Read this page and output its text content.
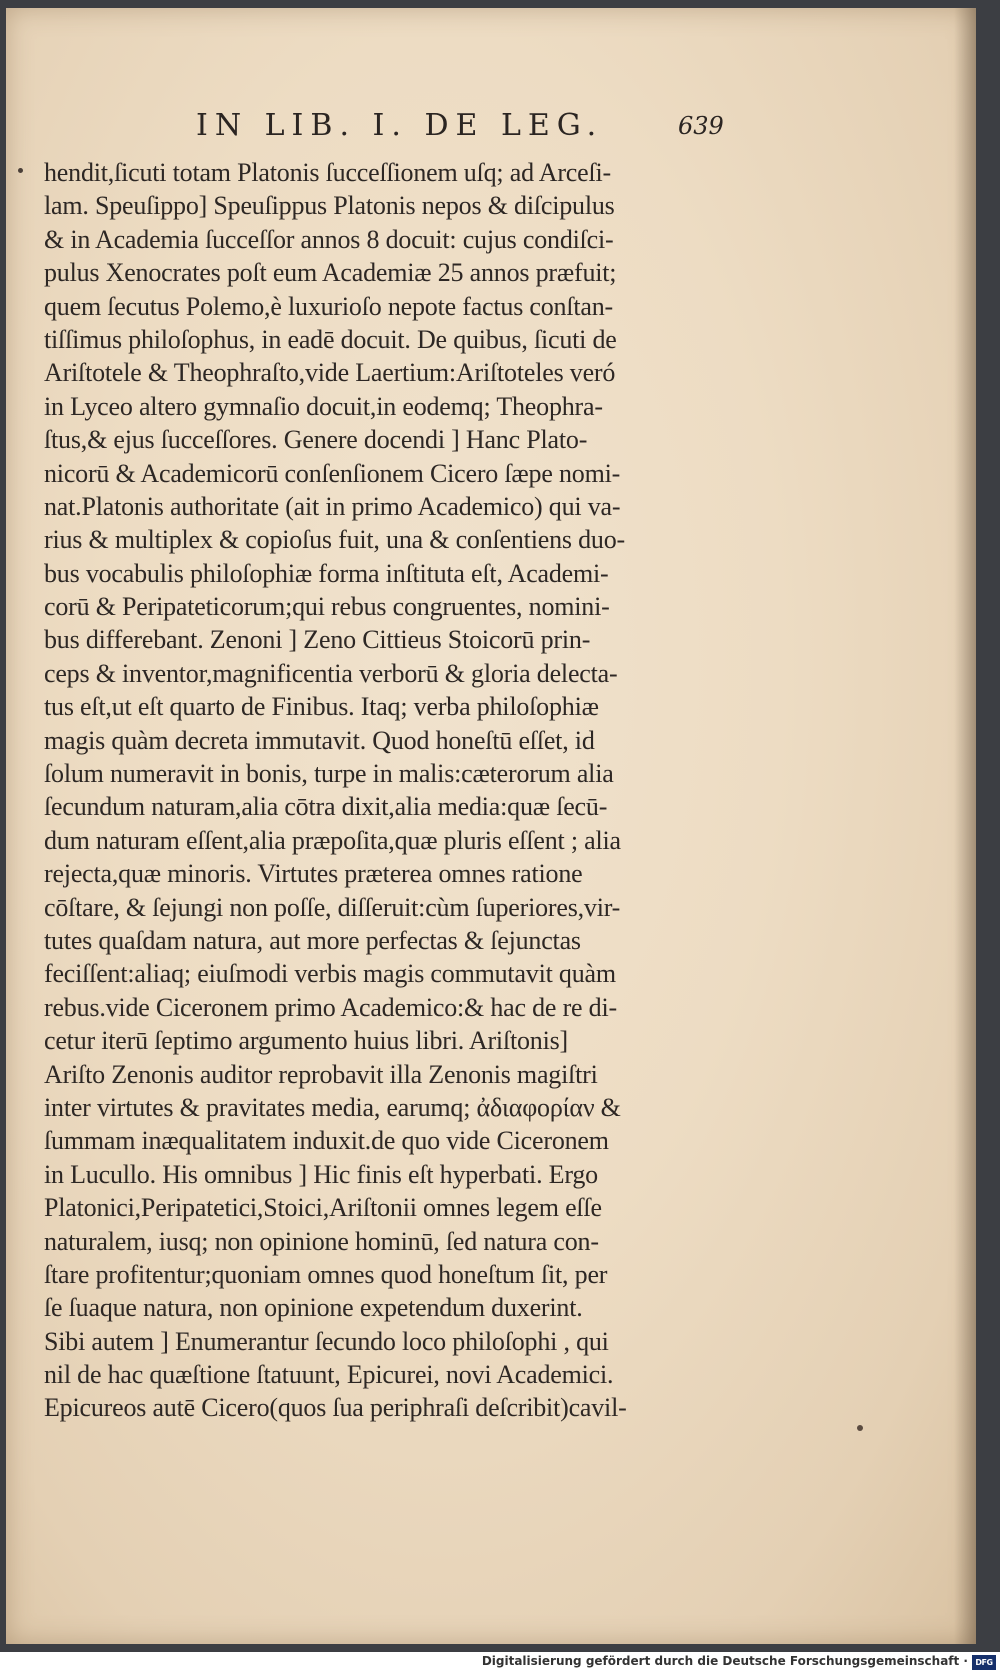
IN LIB. I. DE LEG.	639
hendit,ſicuti totam Platonis ſucceſſionem uſq; ad Arceſi-
lam. Speuſippo] Speuſippus Platonis nepos & diſcipulus
& in Academia ſucceſſor annos 8 docuit: cujus condiſci-
pulus Xenocrates poſt eum Academiæ 25 annos præfuit;
quem ſecutus Polemo,è luxurioſo nepote factus conſtan-
tiſſimus philoſophus, in eadē docuit. De quibus, ſicuti de
Ariſtotele & Theophraſto,vide Laertium:Ariſtoteles veró
in Lyceo altero gymnaſio docuit,in eodemq; Theophra-
ſtus,& ejus ſucceſſores. Genere docendi ] Hanc Plato-
nicorū & Academicorū conſenſionem Cicero ſæpe nomi-
nat.Platonis authoritate (ait in primo Academico) qui va-
rius & multiplex & copioſus fuit, una & conſentiens duo-
bus vocabulis philoſophiæ forma inſtituta eſt, Academi-
corū & Peripateticorum;qui rebus congruentes, nomini-
bus differebant. Zenoni ] Zeno Cittieus Stoicorū prin-
ceps & inventor,magnificentia verborū & gloria delecta-
tus eſt,ut eſt quarto de Finibus. Itaq; verba philoſophiæ
magis quàm decreta immutavit. Quod honeſtū eſſet, id
ſolum numeravit in bonis, turpe in malis:cæterorum alia
ſecundum naturam,alia cōtra dixit,alia media:quæ ſecū-
dum naturam eſſent,alia præpoſita,quæ pluris eſſent ; alia
rejecta,quæ minoris. Virtutes præterea omnes ratione
cōſtare, & ſejungi non poſſe, diſſeruit:cùm ſuperiores,vir-
tutes quaſdam natura, aut more perfectas & ſejunctas
feciſſent:aliaq; eiuſmodi verbis magis commutavit quàm
rebus.vide Ciceronem primo Academico:& hac de re di-
cetur iterū ſeptimo argumento huius libri. Ariſtonis]
Ariſto Zenonis auditor reprobavit illa Zenonis magiſtri
inter virtutes & pravitates media, earumq; ἀδιαφορίαν &
ſummam inæqualitatem induxit.de quo vide Ciceronem
in Lucullo. His omnibus ] Hic finis eſt hyperbati. Ergo
Platonici,Peripatetici,Stoici,Ariſtonii omnes legem eſſe
naturalem, iusq; non opinione hominū, ſed natura con-
ſtare profitentur;quoniam omnes quod honeſtum ſit, per
ſe ſuaque natura, non opinione expetendum duxerint.
Sibi autem ] Enumerantur ſecundo loco philoſophi , qui
nil de hac quæſtione ſtatuunt, Epicurei, novi Academici.
Epicureos autē Cicero(quos ſua periphraſi deſcribit)cavil-
Digitalisierung gefördert durch die Deutsche Forschungsgemeinschaft · DFG
